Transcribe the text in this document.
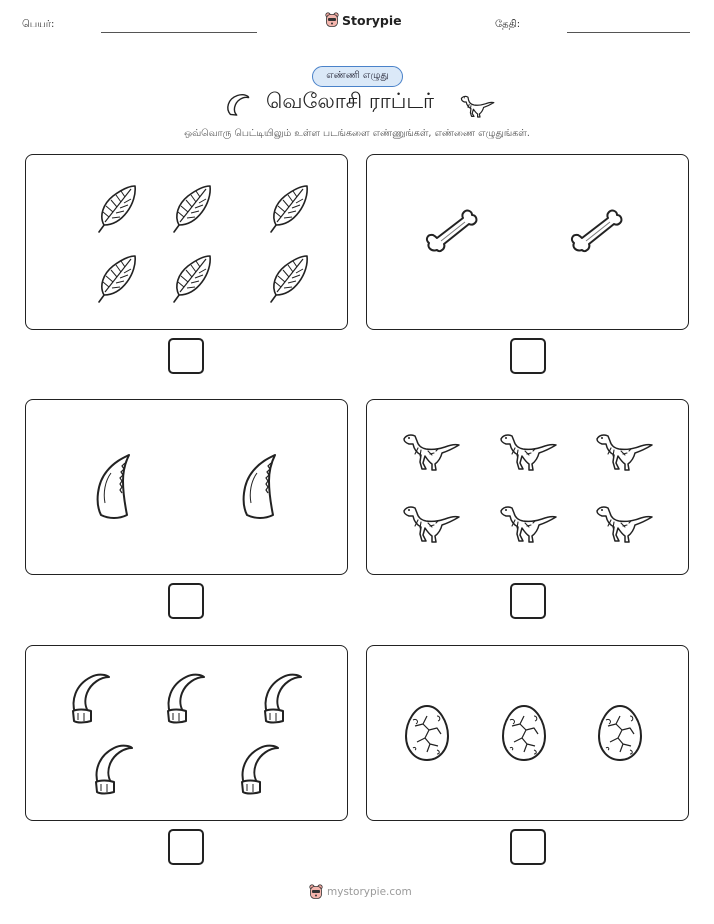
பெயர்:	Storypie	தேதி:
எண்ணி எழுது
வெலோசி ராப்டர்
ஒவ்வொரு பெட்டியிலும் உள்ள படங்களை எண்ணுங்கள், எண்ணை எழுதுங்கள்.
mystorypie.com
